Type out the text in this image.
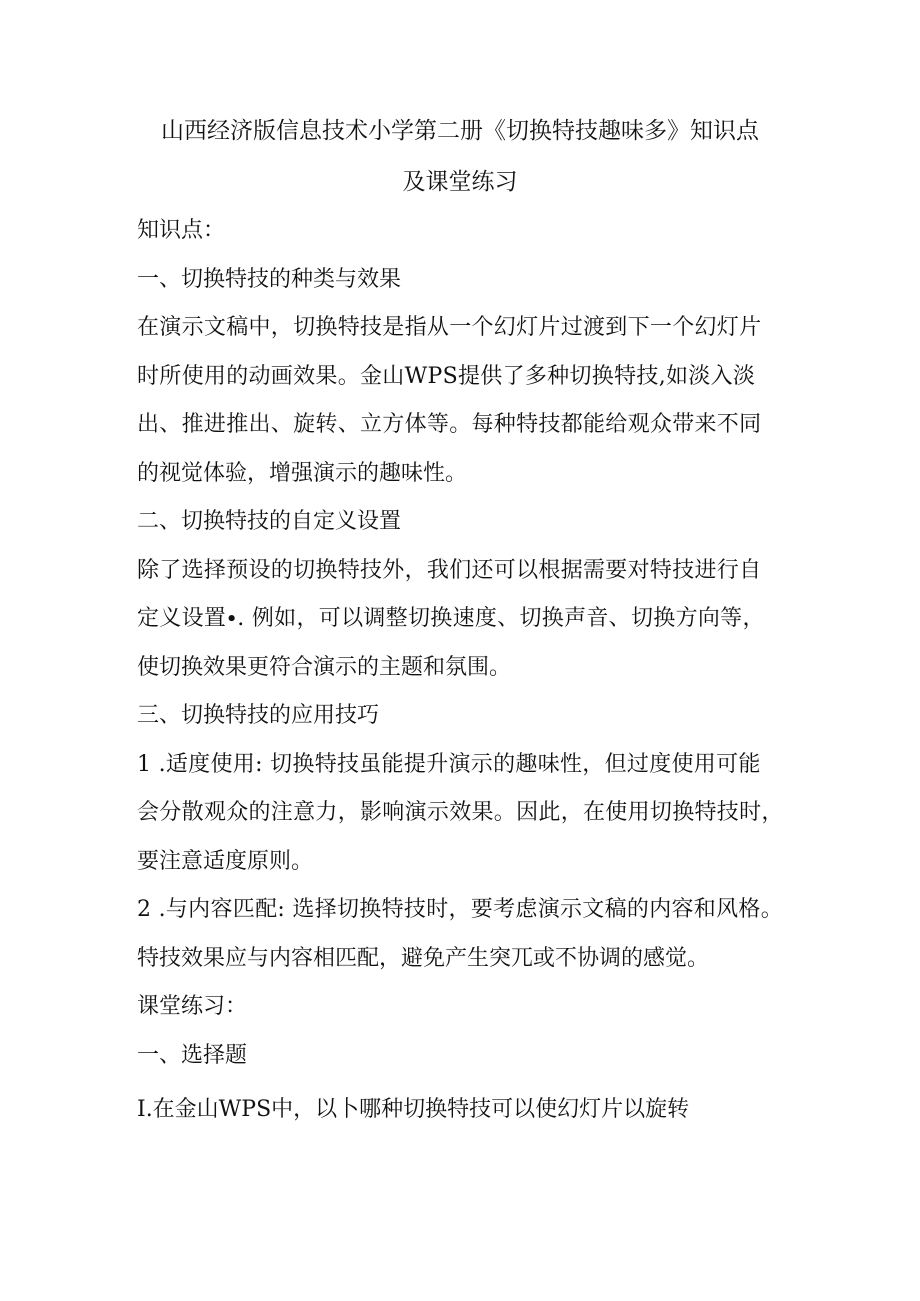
山西经济版信息技术小学第二册《切换特技趣味多》知识点
及课堂练习
知识点：
一、切换特技的种类与效果
在演示文稿中，切换特技是指从一个幻灯片过渡到下一个幻灯片
时所使用的动画效果。金山WPS提供了多种切换特技,如淡入淡
出、推进推出、旋转、立方体等。每种特技都能给观众带来不同
的视觉体验，增强演示的趣味性。
二、切换特技的自定义设置
除了选择预设的切换特技外，我们还可以根据需要对特技进行自
定义设置∙. 例如，可以调整切换速度、切换声音、切换方向等，
使切换效果更符合演示的主题和氛围。
三、切换特技的应用技巧
1 .适度使用: 切换特技虽能提升演示的趣味性，但过度使用可能
会分散观众的注意力，影响演示效果。因此，在使用切换特技时，
要注意适度原则。
2 .与内容匹配: 选择切换特技时，要考虑演示文稿的内容和风格。
特技效果应与内容相匹配，避免产生突兀或不协调的感觉。
课堂练习：
一、选择题
I.在金山WPS中，以卜哪种切换特技可以使幻灯片以旋转
